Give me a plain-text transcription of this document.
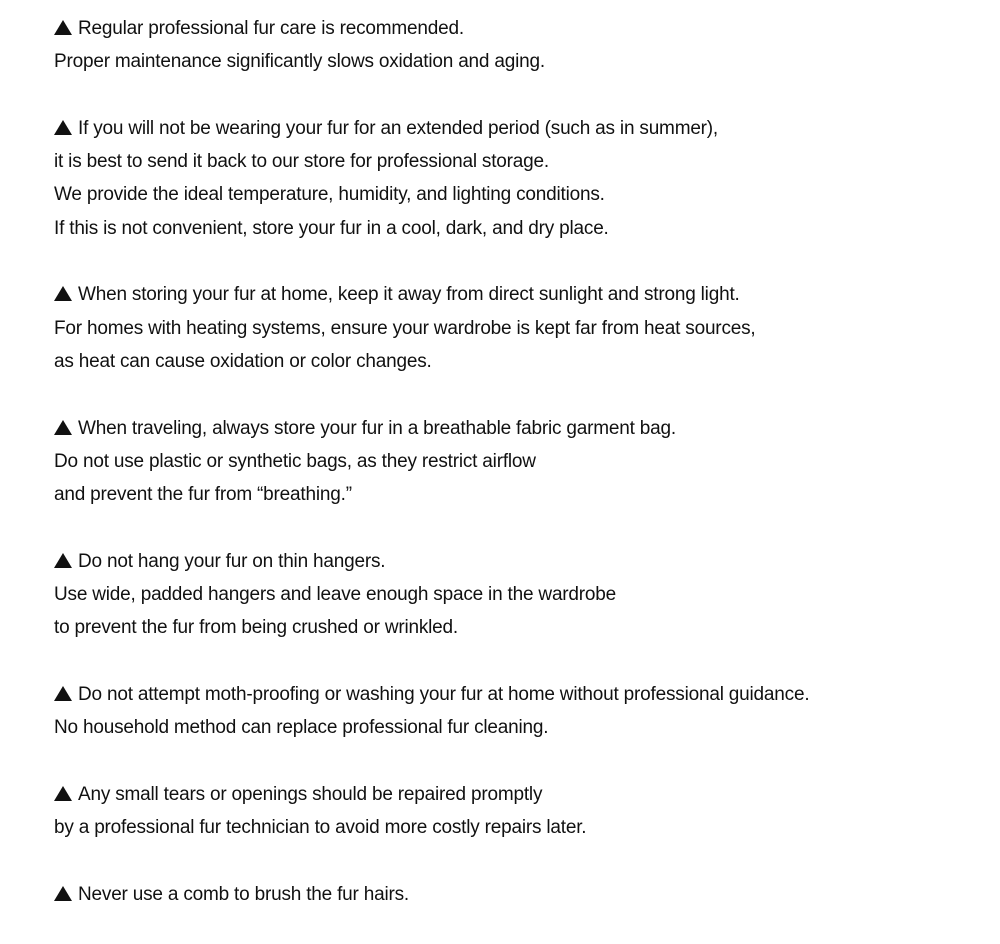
Regular professional fur care is recommended.
Proper maintenance significantly slows oxidation and aging.
If you will not be wearing your fur for an extended period (such as in summer),
it is best to send it back to our store for professional storage.
We provide the ideal temperature, humidity, and lighting conditions.
If this is not convenient, store your fur in a cool, dark, and dry place.
When storing your fur at home, keep it away from direct sunlight and strong light.
For homes with heating systems, ensure your wardrobe is kept far from heat sources,
as heat can cause oxidation or color changes.
When traveling, always store your fur in a breathable fabric garment bag.
Do not use plastic or synthetic bags, as they restrict airflow
and prevent the fur from “breathing.”
Do not hang your fur on thin hangers.
Use wide, padded hangers and leave enough space in the wardrobe
to prevent the fur from being crushed or wrinkled.
Do not attempt moth-proofing or washing your fur at home without professional guidance.
No household method can replace professional fur cleaning.
Any small tears or openings should be repaired promptly
by a professional fur technician to avoid more costly repairs later.
Never use a comb to brush the fur hairs.
